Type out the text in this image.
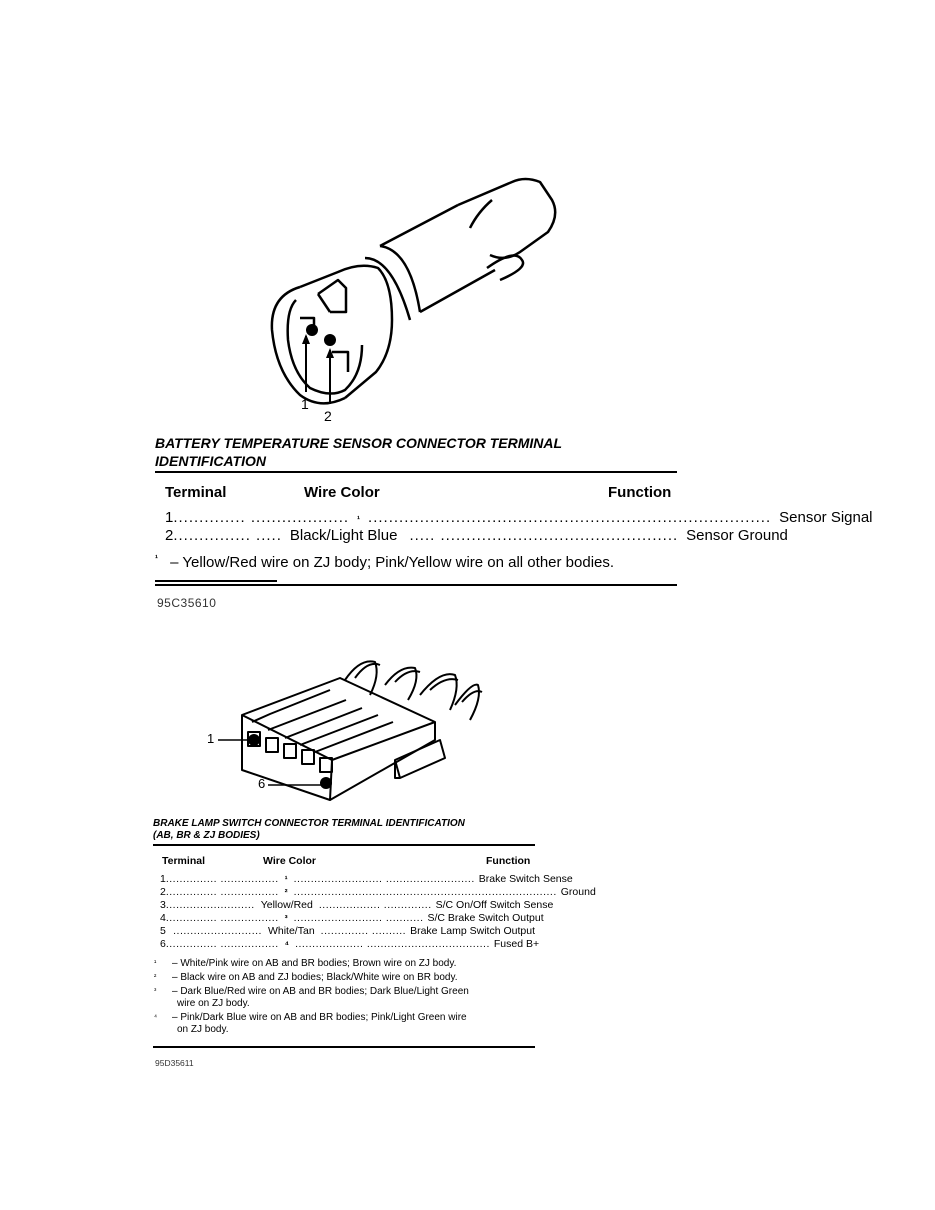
1
2
BATTERY TEMPERATURE SENSOR CONNECTOR TERMINAL
IDENTIFICATION
Terminal	Wire Color	Function
1 .............. ................... ¹ .............................................................................. Sensor Signal
2 ............... ..... Black/Light Blue ..... .............................................. Sensor Ground
$^{^1}$ – Yellow/Red wire on ZJ body; Pink/Yellow wire on all other bodies.
95C35610
1
6
BRAKE LAMP SWITCH CONNECTOR TERMINAL IDENTIFICATION
(AB, BR & ZJ BODIES)
Terminal	Wire Color	Function
1 ............... ................. ¹ .......................... .......................... Brake Switch Sense
2 ............... ................. ² ............................................................................. Ground
3 .......................... Yellow/Red .................. .............. S/C On/Off Switch Sense
4 ............... ................. ³ .......................... ........... S/C Brake Switch Output
5 .......................... White/Tan .............. .......... Brake Lamp Switch Output
6 ............... ................. ⁴ .................... .................................... Fused B+
¹ – White/Pink wire on AB and BR bodies; Brown wire on ZJ body.
² – Black wire on AB and ZJ bodies; Black/White wire on BR body.
³ – Dark Blue/Red wire on AB and BR bodies; Dark Blue/Light Green
wire on ZJ body.
⁴ – Pink/Dark Blue wire on AB and BR bodies; Pink/Light Green wire
on ZJ body.
95D35611
